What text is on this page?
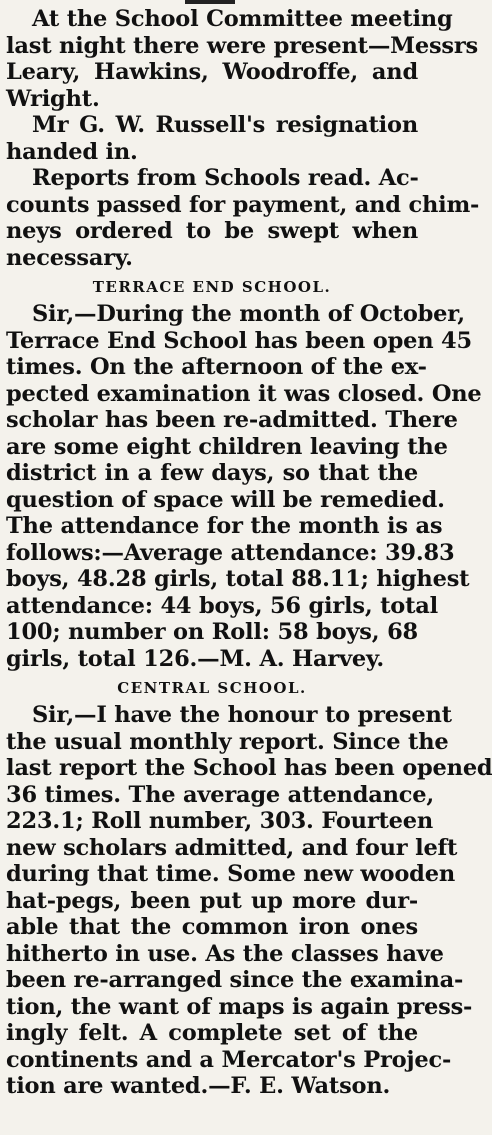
At the School Committee meeting
last night there were present—Messrs
Leary, Hawkins, Woodroffe, and
Wright.
Mr G. W. Russell's resignation
handed in.
Reports from Schools read. Ac-
counts passed for payment, and chim-
neys ordered to be swept when
necessary.
TERRACE END SCHOOL.
Sir,—During the month of October,
Terrace End School has been open 45
times. On the afternoon of the ex-
pected examination it was closed. One
scholar has been re-admitted. There
are some eight children leaving the
district in a few days, so that the
question of space will be remedied.
The attendance for the month is as
follows:—Average attendance: 39.83
boys, 48.28 girls, total 88.11; highest
attendance: 44 boys, 56 girls, total
100; number on Roll: 58 boys, 68
girls, total 126.—M. A. Harvey.
CENTRAL SCHOOL.
Sir,—I have the honour to present
the usual monthly report. Since the
last report the School has been opened
36 times. The average attendance,
223.1; Roll number, 303. Fourteen
new scholars admitted, and four left
during that time. Some new wooden
hat-pegs, been put up more dur-
able that the common iron ones
hitherto in use. As the classes have
been re-arranged since the examina-
tion, the want of maps is again press-
ingly felt. A complete set of the
continents and a Mercator's Projec-
tion are wanted.—F. E. Watson.
